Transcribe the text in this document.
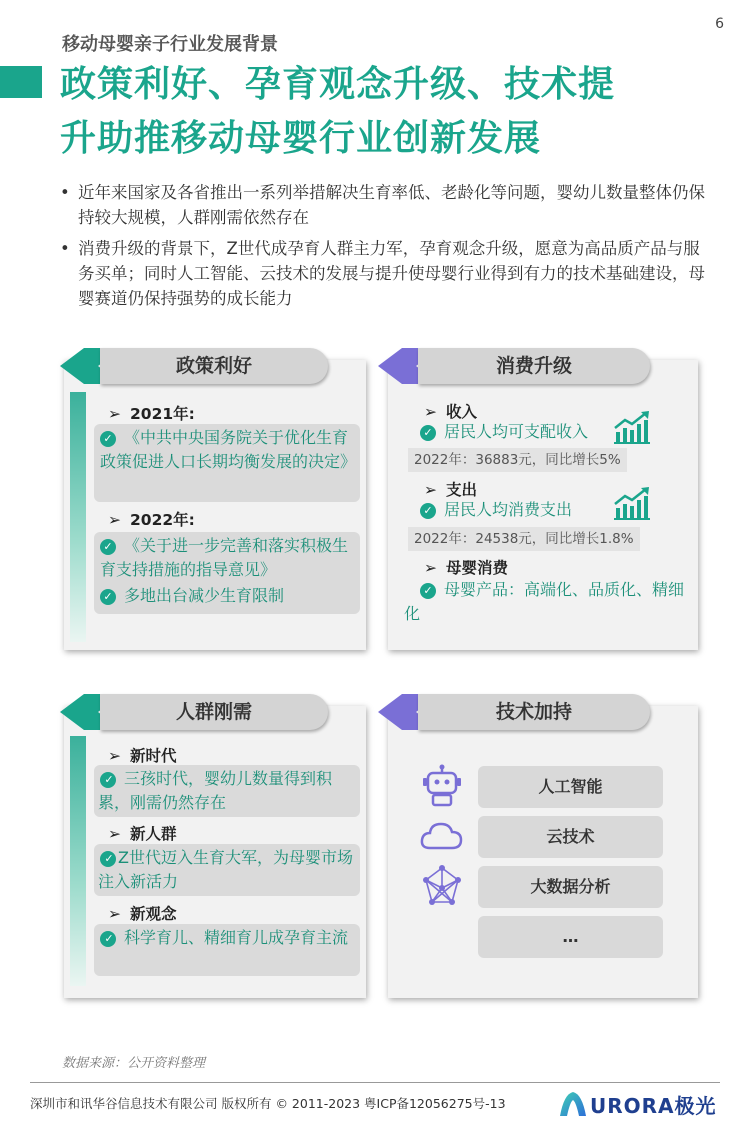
6
移动母婴亲子行业发展背景
政策利好、孕育观念升级、技术提
升助推移动母婴行业创新发展
• 近年来国家及各省推出一系列举措解决生育率低、老龄化等问题，婴幼儿数量整体仍保持较大规模，人群刚需依然存在
• 消费升级的背景下，Z世代成孕育人群主力军，孕育观念升级，愿意为高品质产品与服务买单；同时人工智能、云技术的发展与提升使母婴行业得到有力的技术基础建设，母婴赛道仍保持强势的成长能力
政策利好
➢ 2021年:
✓ 《中共中央国务院关于优化生育政策促进人口长期均衡发展的决定》
➢ 2022年:
✓ 《关于进一步完善和落实积极生育支持措施的指导意见》
✓ 多地出台减少生育限制
消费升级
➢ 收入
✓ 居民人均可支配收入
2022年：36883元，同比增长5%
➢ 支出
✓ 居民人均消费支出
2022年：24538元，同比增长1.8%
➢ 母婴消费
✓ 母婴产品：高端化、品质化、精细化
人群刚需
➢ 新时代
✓ 三孩时代，婴幼儿数量得到积累，刚需仍然存在
➢ 新人群
✓ Z世代迈入生育大军，为母婴市场注入新活力
➢ 新观念
✓ 科学育儿、精细育儿成孕育主流
技术加持
人工智能
云技术
大数据分析
…
数据来源：公开资料整理
深圳市和讯华谷信息技术有限公司 版权所有 © 2011-2023 粤ICP备12056275号-13	URORA极光
